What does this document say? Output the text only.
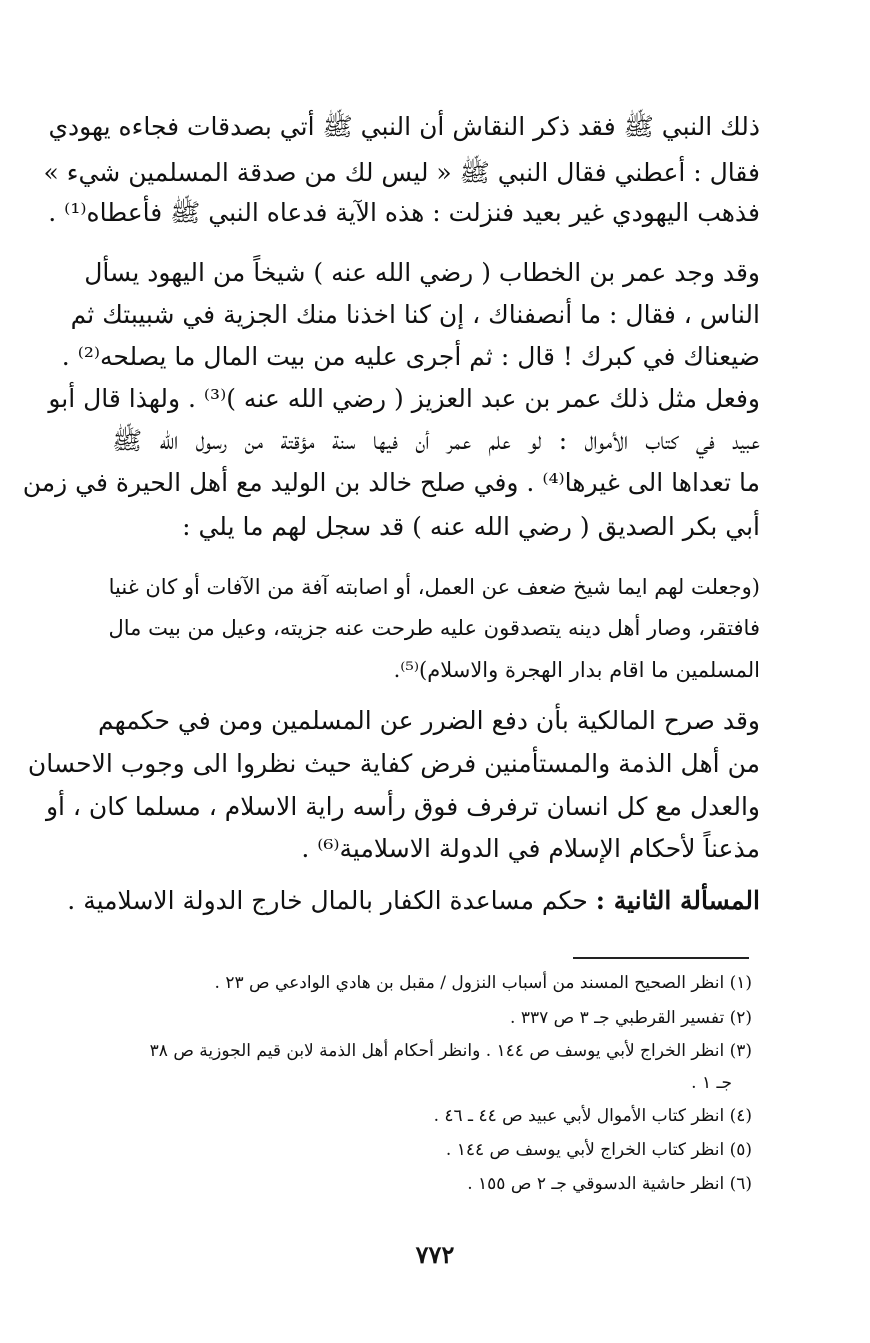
ذلك النبي ﷺ فقد ذكر النقاش أن النبي ﷺ أتي بصدقات فجاءه يهودي
فقال : أعطني فقال النبي ﷺ « ليس لك من صدقة المسلمين شيء »
فذهب اليهودي غير بعيد فنزلت : هذه الآية فدعاه النبي ﷺ فأعطاه⁽¹⁾ .
وقد وجد عمر بن الخطاب ( رضي الله عنه ) شيخاً من اليهود يسأل
الناس ، فقال : ما أنصفناك ، إن كنا اخذنا منك الجزية في شبيبتك ثم
ضيعناك في كبرك ! قال : ثم أجرى عليه من بيت المال ما يصلحه⁽²⁾ .
وفعل مثل ذلك عمر بن عبد العزيز ( رضي الله عنه )⁽³⁾ . ولهذا قال أبو
عبيد في كتاب الأموال : لو علم عمر أن فيها سنة مؤقتة من رسول الله ﷺ
ما تعداها الى غيرها⁽⁴⁾ . وفي صلح خالد بن الوليد مع أهل الحيرة في زمن
أبي بكر الصديق ( رضي الله عنه ) قد سجل لهم ما يلي :
(وجعلت لهم ايما شيخ ضعف عن العمل، أو اصابته آفة من الآفات أو كان غنيا
فافتقر، وصار أهل دينه يتصدقون عليه طرحت عنه جزيته، وعيل من بيت مال
المسلمين ما اقام بدار الهجرة والاسلام)⁽⁵⁾.
وقد صرح المالكية بأن دفع الضرر عن المسلمين ومن في حكمهم
من أهل الذمة والمستأمنين فرض كفاية حيث نظروا الى وجوب الاحسان
والعدل مع كل انسان ترفرف فوق رأسه راية الاسلام ، مسلما كان ، أو
مذعناً لأحكام الإسلام في الدولة الاسلامية⁽⁶⁾ .
المسألة الثانية : حكم مساعدة الكفار بالمال خارج الدولة الاسلامية .
(١) انظر الصحيح المسند من أسباب النزول / مقبل بن هادي الوادعي ص ٢٣ .
(٢) تفسير القرطبي جـ ٣ ص ٣٣٧ .
(٣) انظر الخراج لأبي يوسف ص ١٤٤ . وانظر أحكام أهل الذمة لابن قيم الجوزية ص ٣٨
جـ ١ .
(٤) انظر كتاب الأموال لأبي عبيد ص ٤٤ ـ ٤٦ .
(٥) انظر كتاب الخراج لأبي يوسف ص ١٤٤ .
(٦) انظر حاشية الدسوقي جـ ٢ ص ١٥٥ .
٧٧٢
